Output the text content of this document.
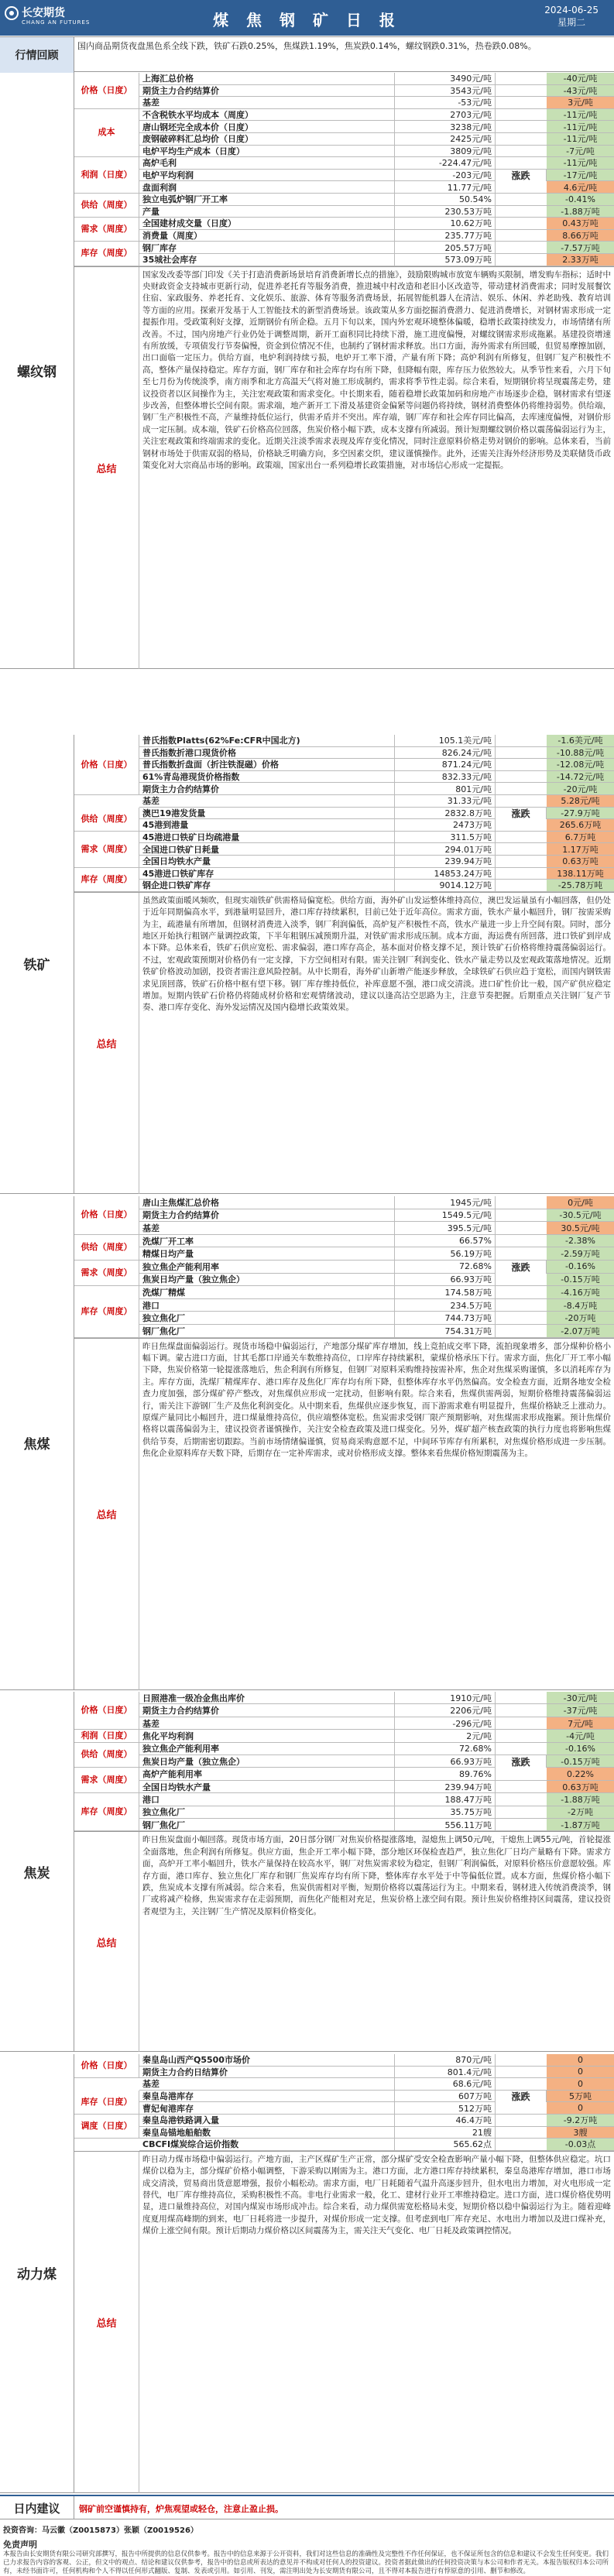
长安期货
CHANG AN FUTURES	煤 焦 钢 矿 日 报
2024-06-25
星期二
行情回顾
国内商品期货夜盘黑色系全线下跌，铁矿石跌0.25%，焦煤跌1.19%，焦炭跌0.14%，螺纹钢跌0.31%，热卷跌0.08%。
螺纹钢
价格（日度）
上海汇总价格	3490元/吨	-40元/吨
期货主力合约结算价	3543元/吨	-43元/吨
基差	-53元/吨	3元/吨
成本
不含税铁水平均成本（周度）	2703元/吨	-11元/吨
唐山钢坯完全成本价（日度）	3238元/吨	-11元/吨
废钢破碎料汇总均价（日度）	2425元/吨	-11元/吨
电炉平均生产成本（日度）	3809元/吨	-7元/吨
利润（日度）
高炉毛利	-224.47元/吨	-11元/吨
电炉平均利润	-203元/吨	-17元/吨
盘面利润	11.77元/吨	4.6元/吨
供给（周度）
独立电弧炉钢厂开工率	50.54%	-0.41%
产量	230.53万吨	-1.88万吨
需求（周度）
全国建材成交量（日度）	10.62万吨	0.43万吨
消费量（周度）	235.77万吨	8.66万吨
库存（周度）
钢厂库存	205.57万吨	-7.57万吨
35城社会库存	573.09万吨	2.33万吨
涨跌
总结
国家发改委等部门印发《关于打造消费新场景培育消费新增长点的措施》，鼓励限购城市放宽车辆购买限制，增发购车指标；适时中央财政资金支持城市更新行动，促进养老托育等服务消费，推进城中村改造和老旧小区改造等，带动建材消费需求；同时发展餐饮住宿、家政服务、养老托育、文化娱乐、旅游、体育等服务消费场景，拓展智能机器人在清洁、娱乐、休闲、养老助残、教育培训等方面的应用。探索开发基于人工智能技术的新型消费场景。该政策从多方面挖掘消费潜力、促进消费增长，对钢材需求形成一定提振作用。受政策利好支撑，近期钢价有所企稳。五月下旬以来，国内外宏观环境整体偏暖，稳增长政策持续发力，市场情绪有所改善。不过，国内房地产行业仍处于调整周期，新开工面积同比持续下滑，施工进度偏慢，对螺纹钢需求形成拖累。基建投资增速有所放缓，专项债发行节奏偏慢，资金到位情况不佳，也制约了钢材需求释放。出口方面，海外需求有所回暖，但贸易摩擦加剧，出口面临一定压力。供给方面，电炉利润持续亏损，电炉开工率下滑，产量有所下降；高炉利润有所修复，但钢厂复产积极性不高，整体产量保持稳定。库存方面，钢厂库存和社会库存均有所下降，但降幅有限，库存压力依然较大。从季节性来看，六月下旬至七月份为传统淡季，南方雨季和北方高温天气将对施工形成制约，需求将季节性走弱。综合来看，短期钢价将呈现震荡走势，建议投资者以区间操作为主，关注宏观政策和需求变化。中长期来看，随着稳增长政策加码和房地产市场逐步企稳，钢材需求有望逐步改善，但整体增长空间有限。需求端，地产新开工下滑及基建资金偏紧等问题仍将持续，钢材消费整体仍将维持弱势。供给端，钢厂生产积极性不高，产量维持低位运行，供需矛盾并不突出。库存端，钢厂库存和社会库存同比偏高，去库速度偏慢，对钢价形成一定压制。成本端，铁矿石价格高位回落，焦炭价格小幅下跌，成本支撑有所减弱。预计短期螺纹钢价格以震荡偏弱运行为主，关注宏观政策和终端需求的变化。近期关注淡季需求表现及库存变化情况，同时注意原料价格走势对钢价的影响。总体来看，当前钢材市场处于供需双弱的格局，价格缺乏明确方向，多空因素交织，建议谨慎操作。此外，还需关注海外经济形势及美联储货币政策变化对大宗商品市场的影响。政策端，国家出台一系列稳增长政策措施，对市场信心形成一定提振。
铁矿
价格（日度）
普氏指数Platts(62%Fe:CFR中国北方)	105.1美元/吨	-1.6美元/吨
普氏指数折港口现货价格	826.24元/吨	-10.88元/吨
普氏指数折盘面（折注铁混磁）价格	871.24元/吨	-12.08元/吨
61%青岛港现货价格指数	832.33元/吨	-14.72元/吨
期货主力合约结算价	801元/吨	-20元/吨
基差	31.33元/吨	5.28元/吨
供给（周度）
澳巴19港发货量	2832.8万吨	-27.9万吨
45港到港量	2473万吨	265.6万吨
需求（周度）
45港进口铁矿日均疏港量	311.5万吨	6.7万吨
全国进口铁矿日耗量	294.01万吨	1.17万吨
全国日均铁水产量	239.94万吨	0.63万吨
库存（周度）
45港进口铁矿库存	14853.24万吨	138.11万吨
钢企进口铁矿库存	9014.12万吨	-25.78万吨
涨跌
总结
虽然政策面暖风频吹，但现实端铁矿供需格局偏宽松。供给方面，海外矿山发运整体维持高位，澳巴发运量虽有小幅回落，但仍处于近年同期偏高水平，到港量明显回升，港口库存持续累积，目前已处于近年高位。需求方面，铁水产量小幅回升，钢厂按需采购为主，疏港量有所增加，但钢材消费进入淡季，钢厂利润偏低，高炉复产积极性不高，铁水产量进一步上升空间有限。同时，部分地区开始执行粗钢产量调控政策，下半年粗钢压减预期升温，对铁矿需求形成压制。成本方面，海运费有所回落，进口铁矿到岸成本下降。总体来看，铁矿石供应宽松、需求偏弱，港口库存高企，基本面对价格支撑不足，预计铁矿石价格将维持震荡偏弱运行。不过，宏观政策预期对价格仍有一定支撑，下方空间相对有限。需关注钢厂利润变化、铁水产量走势以及宏观政策落地情况。近期铁矿价格波动加剧，投资者需注意风险控制。从中长期看，海外矿山新增产能逐步释放，全球铁矿石供应趋于宽松，而国内钢铁需求见顶回落，铁矿石价格中枢有望下移。钢厂库存维持低位，补库意愿不强，港口成交清淡。进口矿性价比一般，国产矿供应稳定增加。短期内铁矿石价格仍将随成材价格和宏观情绪波动，建议以逢高沽空思路为主，注意节奏把握。后期重点关注钢厂复产节奏、港口库存变化、海外发运情况及国内稳增长政策效果。
焦煤
价格（日度）
唐山主焦煤汇总价格	1945元/吨	0元/吨
期货主力合约结算价	1549.5元/吨	-30.5元/吨
基差	395.5元/吨	30.5元/吨
供给（周度）
洗煤厂开工率	66.57%	-2.38%
精煤日均产量	56.19万吨	-2.59万吨
需求（周度）
独立焦企产能利用率	72.68%	-0.16%
焦炭日均产量（独立焦企）	66.93万吨	-0.15万吨
库存（周度）
洗煤厂精煤	174.58万吨	-4.16万吨
港口	234.5万吨	-8.4万吨
独立焦化厂	744.73万吨	-20万吨
钢厂焦化厂	754.31万吨	-2.07万吨
涨跌
总结
昨日焦煤盘面偏弱运行。现货市场稳中偏弱运行，产地部分煤矿库存增加，线上竞拍成交率下降，流拍现象增多，部分煤种价格小幅下调。蒙古进口方面，甘其毛都口岸通关车数维持高位，口岸库存持续累积，蒙煤价格承压下行。需求方面，焦化厂开工率小幅下降，焦炭价格第一轮提涨落地后，焦企利润有所修复，但钢厂对原料采购维持按需补库，焦企对焦煤采购谨慎，多以消耗库存为主。库存方面，洗煤厂精煤库存、港口库存及焦化厂库存均有所下降，但整体库存水平仍然偏高。安全检查方面，近期各地安全检查力度加强，部分煤矿停产整改，对焦煤供应形成一定扰动，但影响有限。综合来看，焦煤供需两弱，短期价格维持震荡偏弱运行，需关注下游钢厂生产及焦化利润变化。从中期来看，焦煤供应逐步恢复，而下游需求难有明显提升，焦煤价格缺乏上涨动力。原煤产量同比小幅回升，进口煤量维持高位，供应端整体宽松。焦炭需求受钢厂限产预期影响，对焦煤需求形成拖累。预计焦煤价格将以震荡偏弱为主，建议投资者谨慎操作，关注安全检查政策及进口煤变化。另外，煤矿超产核查政策的执行力度也将影响焦煤供给节奏，后期需密切跟踪。当前市场情绪偏谨慎，贸易商采购意愿不足，中间环节库存有所累积，对焦煤价格形成进一步压制。焦化企业原料库存天数下降，后期存在一定补库需求，或对价格形成支撑。整体来看焦煤价格短期震荡为主。
焦炭
价格（日度）
日照港准一级冶金焦出库价	1910元/吨	-30元/吨
期货主力合约结算价	2206元/吨	-37元/吨
基差	-296元/吨	7元/吨
利润（日度）	焦化平均利润	2元/吨	-4元/吨
供给（周度）
独立焦企产能利用率	72.68%	-0.16%
焦炭日均产量（独立焦企）	66.93万吨	-0.15万吨
需求（周度）
高炉产能利用率	89.76%	0.22%
全国日均铁水产量	239.94万吨	0.63万吨
库存（周度）
港口	188.47万吨	-1.88万吨
独立焦化厂	35.75万吨	-2万吨
钢厂焦化厂	556.11万吨	-1.87万吨
涨跌
总结
昨日焦炭盘面小幅回落。现货市场方面，20日部分钢厂对焦炭价格提涨落地，湿熄焦上调50元/吨，干熄焦上调55元/吨，首轮提涨全面落地，焦企利润有所修复。供应方面，焦企开工率小幅下降，部分地区环保检查趋严，独立焦化厂日均产量略有下降。需求方面，高炉开工率小幅回升，铁水产量保持在较高水平，钢厂对焦炭需求较为稳定，但钢厂利润偏低，对原料价格压价意愿较强。库存方面，港口库存、独立焦化厂库存和钢厂焦炭库存均有所下降，整体库存水平处于中等偏低位置。成本方面，焦煤价格小幅下跌，焦炭成本支撑有所减弱。综合来看，焦炭供需相对平衡，短期价格将以震荡运行为主。中期来看，钢材进入传统消费淡季，钢厂或将减产检修，焦炭需求存在走弱预期，而焦化产能相对充足，焦炭价格上涨空间有限。预计焦炭价格维持区间震荡，建议投资者观望为主，关注钢厂生产情况及原料价格变化。
动力煤
价格（日度）
秦皇岛山西产Q5500市场价	870元/吨	0
期货主力合约日结算价	801.4元/吨	0
基差	68.6元/吨	0
库存（日度）
秦皇岛港库存	607万吨	5万吨
曹妃甸港库存	512万吨	0
调度（日度）
秦皇岛港铁路调入量	46.4万吨	-9.2万吨
秦皇岛锚地船舶数	21艘	3艘
CBCFI煤炭综合运价指数	565.62点	-0.03点
涨跌
总结
昨日动力煤市场稳中偏弱运行。产地方面，主产区煤矿生产正常，部分煤矿受安全检查影响产量小幅下降，但整体供应稳定。坑口煤价以稳为主，部分煤矿价格小幅调整，下游采购以刚需为主。港口方面，北方港口库存持续累积，秦皇岛港库存增加，港口市场成交清淡，贸易商出货意愿增强，报价小幅松动。需求方面，电厂日耗随着气温升高逐步回升，但水电出力增加，对火电形成一定替代，电厂库存维持高位，采购积极性不高。非电行业需求一般，化工、建材行业开工率维持稳定。进口方面，进口煤价格优势明显，进口量维持高位，对国内煤炭市场形成冲击。综合来看，动力煤供需宽松格局未变，短期价格以稳中偏弱运行为主。随着迎峰度夏用煤高峰期的到来，电厂日耗将进一步提升，对煤价形成一定支撑。但考虑到电厂库存充足、水电出力增加以及进口煤补充，煤价上涨空间有限。预计后期动力煤价格以区间震荡为主，需关注天气变化、电厂日耗及政策调控情况。
日内建议	钢矿前空谨慎持有，炉焦观望或轻仓，注意止盈止损。
投资咨询：马云徽（Z0015873）张颖（Z0019526）
免责声明
本报告由长安期货有限公司研究部撰写，报告中所提供的信息仅供参考。报告中的信息来源于公开资料，我们对这些信息的准确性及完整性不作任何保证，也不保证所包含的信息和建议不会发生任何变更。我们已力求报告内容的客观、公正，但文中的观点、结论和建议仅供参考，报告中的信息或所表达的意见并不构成对任何人的投资建议。投资者据此做出的任何投资决策与本公司和作者无关。本报告版权归本公司所有，未经书面许可，任何机构和个人不得以任何形式翻版、复制、发表或引用。如引用、刊发，需注明出处为长安期货有限公司，且不得对本报告进行有悖原意的引用、删节和修改。
